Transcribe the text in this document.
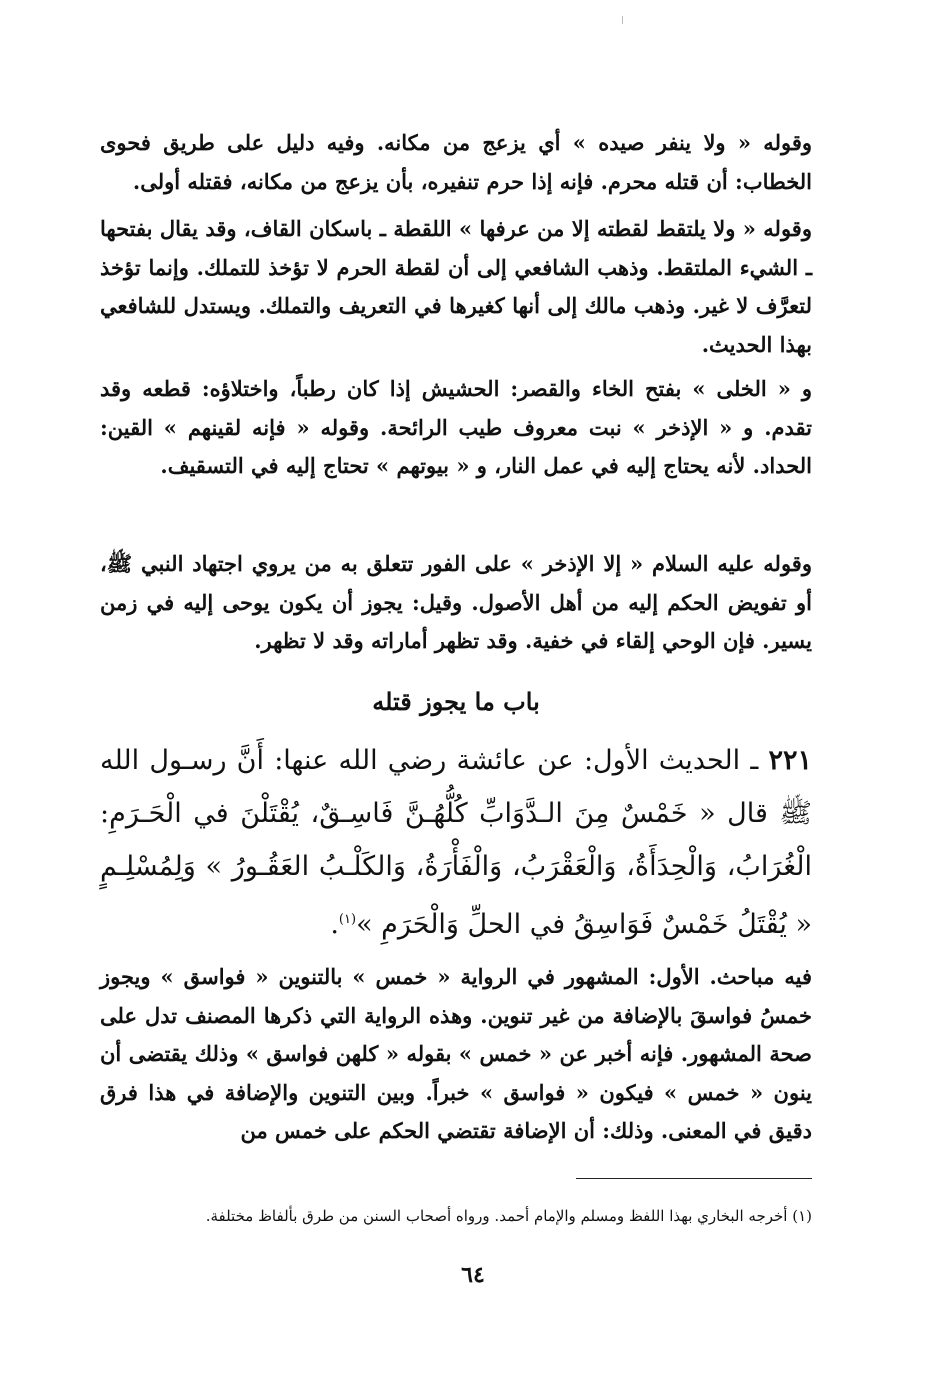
وقوله « ولا ينفر صيده » أي يزعج من مكانه. وفيه دليل على طريق فحوى الخطاب: أن قتله محرم. فإنه إذا حرم تنفيره، بأن يزعج من مكانه، فقتله أولى.
وقوله « ولا يلتقط لقطته إلا من عرفها » اللقطة ـ باسكان القاف، وقد يقال بفتحها ـ الشيء الملتقط. وذهب الشافعي إلى أن لقطة الحرم لا تؤخذ للتملك. وإنما تؤخذ لتعرَّف لا غير. وذهب مالك إلى أنها كغيرها في التعريف والتملك. ويستدل للشافعي بهذا الحديث.
و « الخلى » بفتح الخاء والقصر: الحشيش إذا كان رطباً، واختلاؤه: قطعه وقد تقدم. و « الإذخر » نبت معروف طيب الرائحة. وقوله « فإنه لقينهم » القين: الحداد. لأنه يحتاج إليه في عمل النار، و « بيوتهم » تحتاج إليه في التسقيف.
وقوله عليه السلام « إلا الإذخر » على الفور تتعلق به من يروي اجتهاد النبي ﷺ، أو تفويض الحكم إليه من أهل الأصول. وقيل: يجوز أن يكون يوحى إليه في زمن يسير. فإن الوحي إلقاء في خفية. وقد تظهر أماراته وقد لا تظهر.
باب ما يجوز قتله
٢٢١ ـ الحديث الأول: عن عائشة رضي الله عنها: أَنَّ رسـول الله ﷺ قال « خَمْسٌ مِنَ الـدَّوَابِّ كُلُّهُـنَّ فَاسِـقٌ، يُقْتَلْنَ في الْحَـرَمِ: الْغُرَابُ، وَالْحِدَأَةُ، وَالْعَقْرَبُ، وَالْفَأْرَةُ، وَالكَلْـبُ العَقُـورُ » وَلِمُسْلِـمٍ « يُقْتَلُ خَمْسٌ فَوَاسِقُ في الحلِّ وَالْحَرَمِ »$^{(١)}$.
فيه مباحث. الأول: المشهور في الرواية « خمس » بالتنوين « فواسق » ويجوز خمسُ فواسقَ بالإضافة من غير تنوين. وهذه الرواية التي ذكرها المصنف تدل على صحة المشهور. فإنه أخبر عن « خمس » بقوله « كلهن فواسق » وذلك يقتضى أن ينون « خمس » فيكون « فواسق » خبراً. وبين التنوين والإضافة في هذا فرق دقيق في المعنى. وذلك: أن الإضافة تقتضي الحكم على خمس من
(١) أخرجه البخاري بهذا اللفظ ومسلم والإمام أحمد. ورواه أصحاب السنن من طرق بألفاظ مختلفة.
٦٤
